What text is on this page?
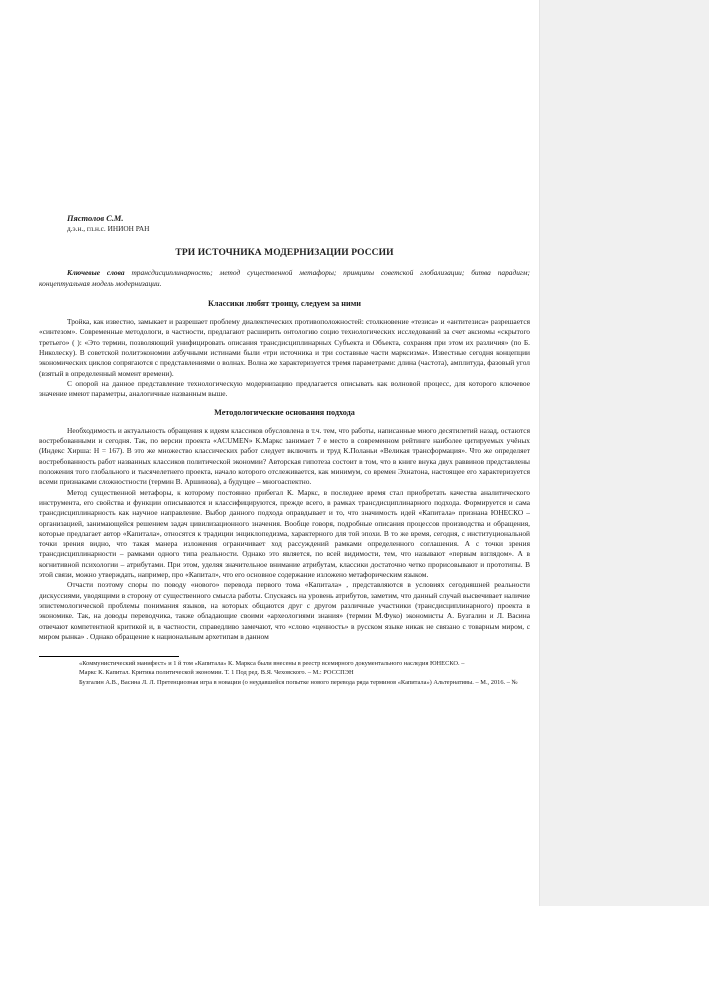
Пястолов С.М.
д.э.н., гл.н.с. ИНИОН РАН
ТРИ ИСТОЧНИКА МОДЕРНИЗАЦИИ РОССИИ
Ключевые слова трансдисциплинарность; метод существенной метафоры; принципы советской глобализации; битва парадигм; концептуальная модель модернизации.
Классики любят троицу, следуем за ними

Тройка, как известно, замыкает и разрешает проблему диалектических противоположностей: столкновение «тезиса» и «антитезиса» разрешается «синтезом». Современные методологи, в частности, предлагают расширить онтологию социо технологических исследований за счет аксиомы «скрытого третьего» ( ): «Это термин, позволяющий унифицировать описания трансдисциплинарных Субъекта и Объекта, сохраняя при этом их различия» (по Б. Николеску). В советской политэкономии азбучными истинами были «три источника и три составные части марксизма». Известные сегодня концепции экономических циклов сопрягаются с представлениями о волнах. Волна же характеризуется тремя параметрами: длина (частота), амплитуда, фазовый угол (взятый в определенный момент времени).

С опорой на данное представление технологическую модернизацию предлагается описывать как волновой процесс, для которого ключевое значение имеют параметры, аналогичные названным выше.

Методологические основания подхода

Необходимость и актуальность обращения к идеям классиков обусловлена в т.ч. тем, что работы, написанные много десятилетий назад, остаются востребованными и сегодня. Так, по версии проекта «ACUMEN» К.Маркс занимает 7 е место в современном рейтинге наиболее цитируемых учёных (Индекс Хирша: H = 167). В это же множество классических работ следует включить и труд К.Поланьи «Великая трансформация». Что же определяет востребованность работ названных классиков политической экономии? Авторская гипотеза состоит в том, что в книге внука двух раввинов представлены положения того глобального и тысячелетнего проекта, начало которого отслеживается, как минимум, со времен Эхнатона, настоящее его характеризуется всеми признаками сложностности (термин В. Аршинова), а будущее – многоаспектно.

Метод существенной метафоры, к которому постоянно прибегал К. Маркс, в последнее время стал приобретать качества аналитического инструмента, его свойства и функции описываются и классифицируются, прежде всего, в рамках трансдисциплинарного подхода. Формируется и сама трансдисциплинарность как научное направление. Выбор данного подхода оправдывает и то, что значимость идей «Капитала» признана ЮНЕСКО – организацией, занимающейся решением задач цивилизационного значения. Вообще говоря, подробные описания процессов производства и обращения, которые предлагает автор «Капитала», относятся к традиции энциклопедизма, характерного для той эпохи. В то же время, сегодня, с институциональной точки зрения видно, что такая манера изложения ограничивает ход рассуждений рамками определенного соглашения. А с точки зрения трансдисциплинарности – рамками одного типа реальности. Однако это является, по всей видимости, тем, что называют «первым взглядом». А в когнитивной психологии – атрибутами. При этом, уделяя значительное внимание атрибутам, классики достаточно четко прорисовывают и прототипы. В этой связи, можно утверждать, например, про «Капитал», что его основное содержание изложено метафорическим языком.

Отчасти поэтому споры по поводу «нового» перевода первого тома «Капитала» , представляются в условиях сегодняшней реальности дискуссиями, уводящими в сторону от существенного смысла работы. Спускаясь на уровень атрибутов, заметим, что данный случай высвечивает наличие эпистемологической проблемы понимания языков, на которых общаются друг с другом различные участники (трансдисциплинарного) проекта в экономике. Так, на доводы переводчика, также обладающие своими «археологиями знания» (термин М.Фуко) экономисты А. Бузгалин и Л. Васина отвечают компетентной критикой и, в частности, справедливо замечают, что «слово «ценность» в русском языке никак не связано с товарным миром, с миром рынка» . Однако обращение к национальным архетипам в данном

«Коммунистический манифест» и 1 й том «Капитала» К. Маркса были внесены в реестр всемирного документального наследия ЮНЕСКО. –
Маркс К. Капитал. Критика политической экономии. Т. 1 Под ред. В.Я. Чеховского. – М.: РОССПЭН
Бузгалин А.В., Васина Л. Л. Претенциозная игра в новации (о неудавшейся попытке нового перевода ряда терминов «Капитала») Альтернативы. – М., 2016. – №
